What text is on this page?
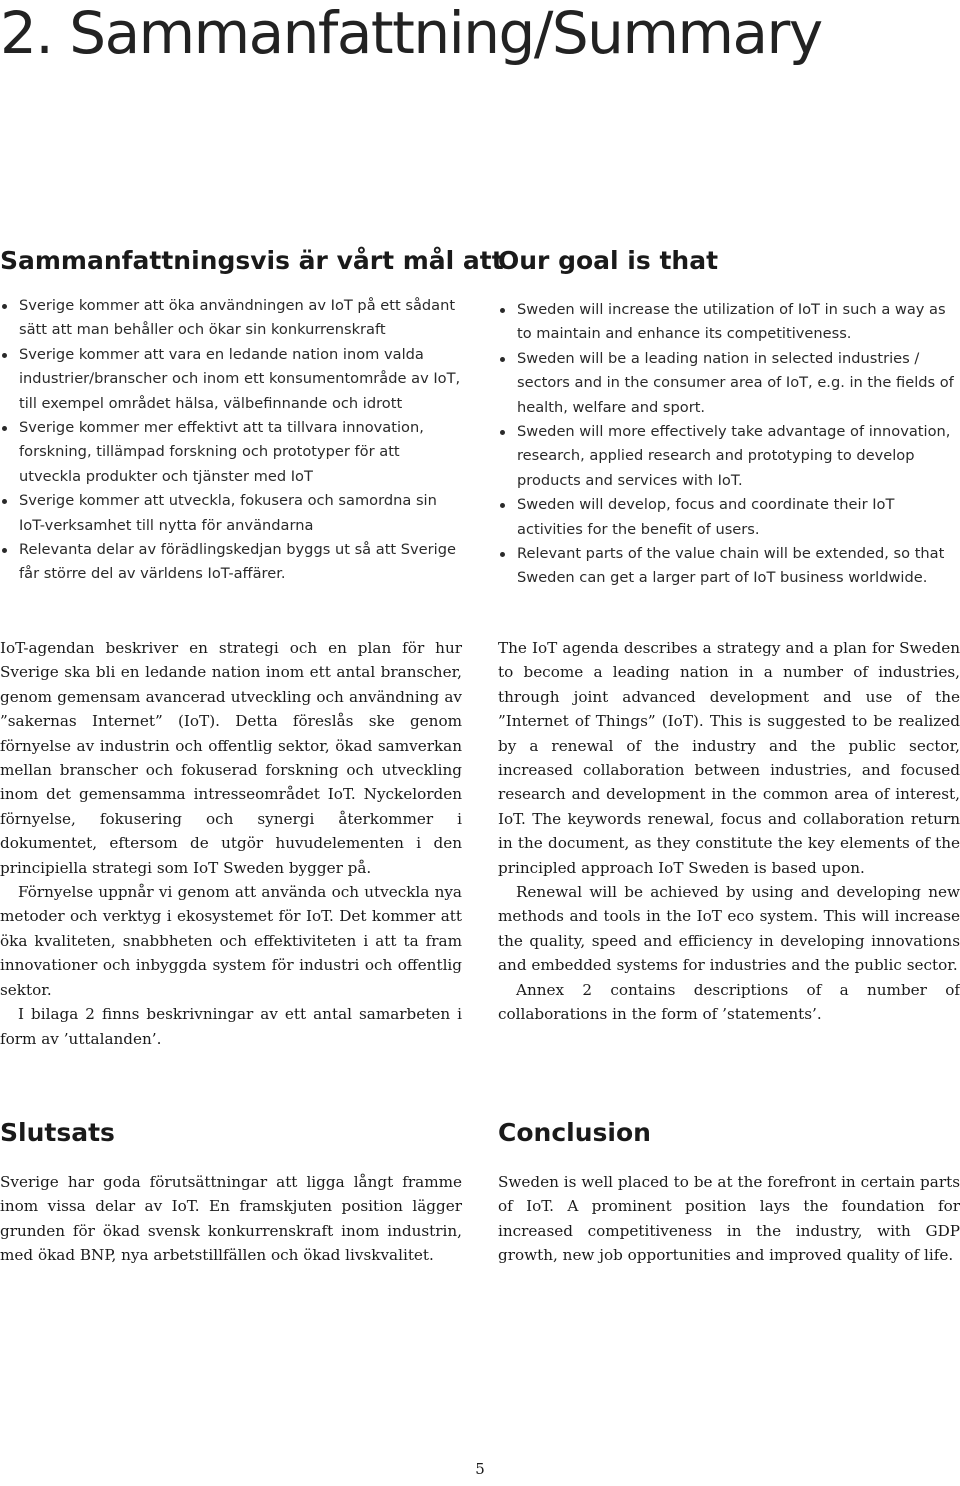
2. Sammanfattning/Summary
Sammanfattningsvis är vårt mål att
Sverige kommer att öka användningen av IoT på ett sådant sätt att man behåller och ökar sin konkurrenskraft
Sverige kommer att vara en ledande nation inom valda industrier/branscher och inom ett konsumentområde av IoT, till exempel området hälsa, välbefinnande och idrott
Sverige kommer mer effektivt att ta tillvara innovation, forskning, tillämpad forskning och prototyper för att utveckla produkter och tjänster med IoT
Sverige kommer att utveckla, fokusera och samordna sin IoT-verksamhet till nytta för användarna
Relevanta delar av förädlingskedjan byggs ut så att Sverige får större del av världens IoT-affärer.

IoT-agendan beskriver en strategi och en plan för hur Sverige ska bli en ledande nation inom ett antal branscher, genom gemensam avancerad utveckling och användning av ”sakernas Internet” (IoT). Detta föreslås ske genom förnyelse av industrin och offentlig sektor, ökad samverkan mellan branscher och fokuserad forskning och utveckling inom det gemensamma intresseområdet IoT. Nyckelorden förnyelse, fokusering och synergi återkommer i dokumentet, eftersom de utgör huvudelementen i den principiella strategi som IoT Sweden bygger på.

Förnyelse uppnår vi genom att använda och utveckla nya metoder och verktyg i ekosystemet för IoT. Det kommer att öka kvaliteten, snabbheten och effektiviteten i att ta fram innovationer och inbyggda system för industri och offentlig sektor.

I bilaga 2 finns beskrivningar av ett antal samarbeten i form av ’uttalanden’.

Slutsats

Sverige har goda förutsättningar att ligga långt framme inom vissa delar av IoT. En framskjuten position lägger grunden för ökad svensk konkurrenskraft inom industrin, med ökad BNP, nya arbetstillfällen och ökad livskvalitet.

Our goal is that
Sweden will increase the utilization of IoT in such a way as to maintain and enhance its competitiveness.
Sweden will be a leading nation in selected industries / sectors and in the consumer area of IoT, e.g. in the fields of health, welfare and sport.
Sweden will more effectively take advantage of innovation, research, applied research and prototyping to develop products and services with IoT.
Sweden will develop, focus and coordinate their IoT activities for the benefit of users.
Relevant parts of the value chain will be extended, so that Sweden can get a larger part of IoT business worldwide.

The IoT agenda describes a strategy and a plan for Sweden to become a leading nation in a number of industries, through joint advanced development and use of the ”Internet of Things” (IoT). This is suggested to be realized by a renewal of the industry and the public sector, increased collaboration between industries, and focused research and development in the common area of interest, IoT. The keywords renewal, focus and collaboration return in the document, as they constitute the key elements of the principled approach IoT Sweden is based upon.

Renewal will be achieved by using and developing new methods and tools in the IoT eco system. This will increase the quality, speed and efficiency in developing innovations and embedded systems for industries and the public sector.

Annex 2 contains descriptions of a number of collaborations in the form of ’statements’.

Conclusion

Sweden is well placed to be at the forefront in certain parts of IoT. A prominent position lays the foundation for increased competitiveness in the industry, with GDP growth, new job opportunities and improved quality of life.

5
